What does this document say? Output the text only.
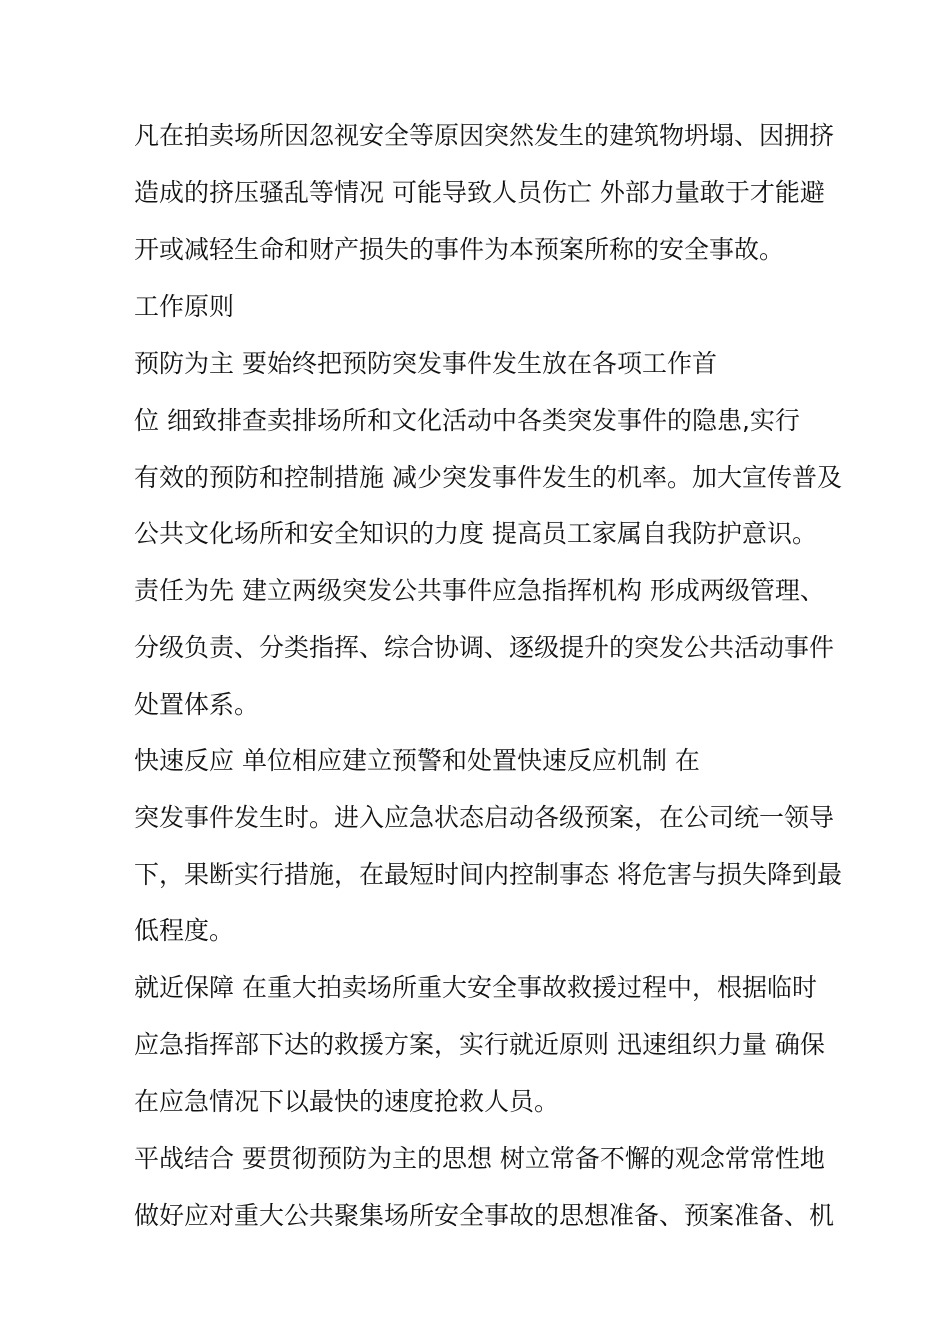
凡在拍卖场所因忽视安全等原因突然发生的建筑物坍塌、因拥挤
造成的挤压骚乱等情况 可能导致人员伤亡 外部力量敢于才能避
开或减轻生命和财产损失的事件为本预案所称的安全事故。
工作原则
预防为主 要始终把预防突发事件发生放在各项工作首
位 细致排查卖排场所和文化活动中各类突发事件的隐患,实行
有效的预防和控制措施 减少突发事件发生的机率。加大宣传普及
公共文化场所和安全知识的力度 提高员工家属自我防护意识。
责任为先 建立两级突发公共事件应急指挥机构 形成两级管理、
分级负责、分类指挥、综合协调、逐级提升的突发公共活动事件
处置体系。
快速反应 单位相应建立预警和处置快速反应机制 在
突发事件发生时。进入应急状态启动各级预案，在公司统一领导
下，果断实行措施，在最短时间内控制事态 将危害与损失降到最
低程度。
就近保障 在重大拍卖场所重大安全事故救援过程中，根据临时
应急指挥部下达的救援方案，实行就近原则 迅速组织力量 确保
在应急情况下以最快的速度抢救人员。
平战结合 要贯彻预防为主的思想 树立常备不懈的观念常常性地
做好应对重大公共聚集场所安全事故的思想准备、预案准备、机
